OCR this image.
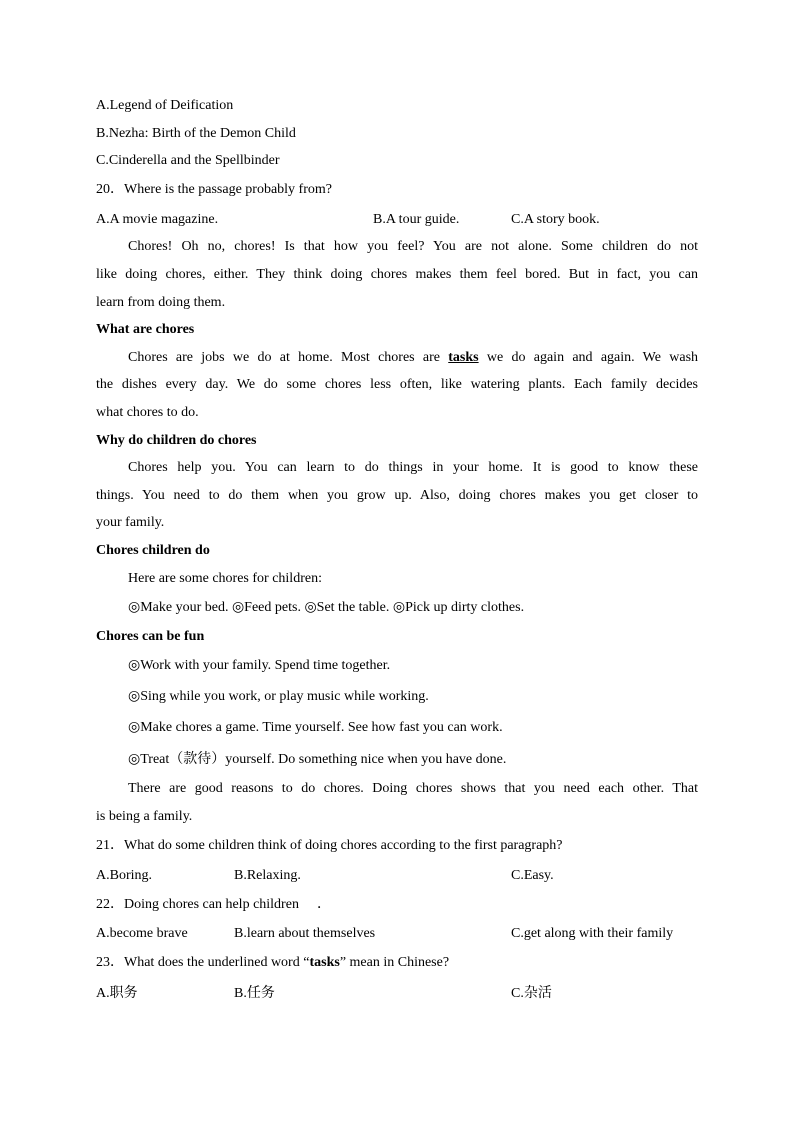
A.Legend of Deification
B.Nezha: Birth of the Demon Child
C.Cinderella and the Spellbinder
20．Where is the passage probably from?
A.A movie magazine.	B.A tour guide.	C.A story book.
Chores! Oh no, chores! Is that how you feel? You are not alone. Some children do not
like doing chores, either. They think doing chores makes them feel bored. But in fact, you can
learn from doing them.
What are chores
Chores are jobs we do at home. Most chores are tasks we do again and again. We wash
the dishes every day. We do some chores less often, like watering plants. Each family decides
what chores to do.
Why do children do chores
Chores help you. You can learn to do things in your home. It is good to know these
things. You need to do them when you grow up. Also, doing chores makes you get closer to
your family.
Chores children do
Here are some chores for children:
◎Make your bed. ◎Feed pets. ◎Set the table. ◎Pick up dirty clothes.
Chores can be fun
◎Work with your family. Spend time together.
◎Sing while you work, or play music while working.
◎Make chores a game. Time yourself. See how fast you can work.
◎Treat（款待）yourself. Do something nice when you have done.
There are good reasons to do chores. Doing chores shows that you need each other. That
is being a family.
21．What do some children think of doing chores according to the first paragraph?
A.Boring.	B.Relaxing.	C.Easy.
22．Doing chores can help children ．
A.become brave	B.learn about themselves	C.get along with their family
23．What does the underlined word “tasks” mean in Chinese?
A.职务	B.任务	C.杂活
